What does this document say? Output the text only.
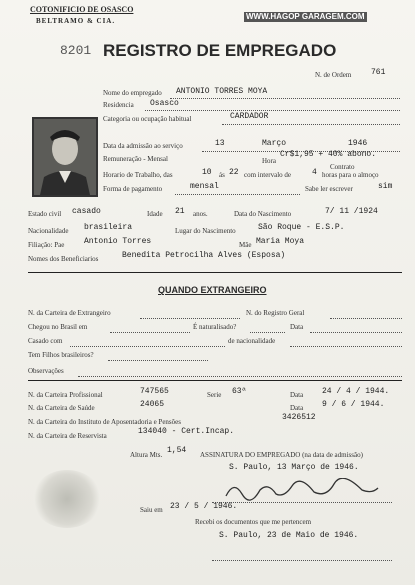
COTONIFICIO DE OSASCO
BELTRAMO & CIA.	WWW.HAGOP GARAGEM.COM
8201 REGISTRO DE EMPREGADO
N. de Ordem 761
Nome do empregado ANTONIO TORRES MOYA
Residencia Osasco
Categoria ou ocupação habitual	CARDADOR
Data da admissão ao serviço	13	Março	1946
Remuneração - Mensal	Hora
Contrato
Cr$1,95 + 40% abono.
Horario de Trabalho, das	10 ás 22 com intervalo de	4 horas para o almoço
Forma de pagamento	mensal	Sabe ler escrever	sim
Estado civil casado	Idade 21 anos.	Data do Nascimento	7/ 11 /1924
Nacionalidade brasileira	Lugar do Nascimento	São Roque - E.S.P.
Filiação: Pae Antonio Torres	Mãe Maria Moya
Nomes dos Beneficiarios	Benedita Petrocilha Alves (Esposa)
QUANDO EXTRANGEIRO
N. da Carteira de Extrangeiro	N. do Registro Geral
Chegou no Brasil em	É naturalisado?	Data
Casado com	de nacionalidade
Tem Filhos brasileiros?
Observações
N. da Carteira Profissional	747565	Serie 63ª	Data 24 / 4 / 1944.
N. da Carteira de Saúde	24065	Data 9 / 6 / 1944.
N. da Carteira do Instituto de Aposentadoria e Pensões	3426512
N. da Carteira de Reservista	134040 - Cert.Incap.
Altura Mts. 1,54 ASSINATURA DO EMPREGADO (na data de admissão)
S. Paulo, 13 Março de 1946.
Saiu em 23 / 5 / 1946.
Recebi os documentos que me pertencem
S. Paulo, 23 de Maio de 1946.
